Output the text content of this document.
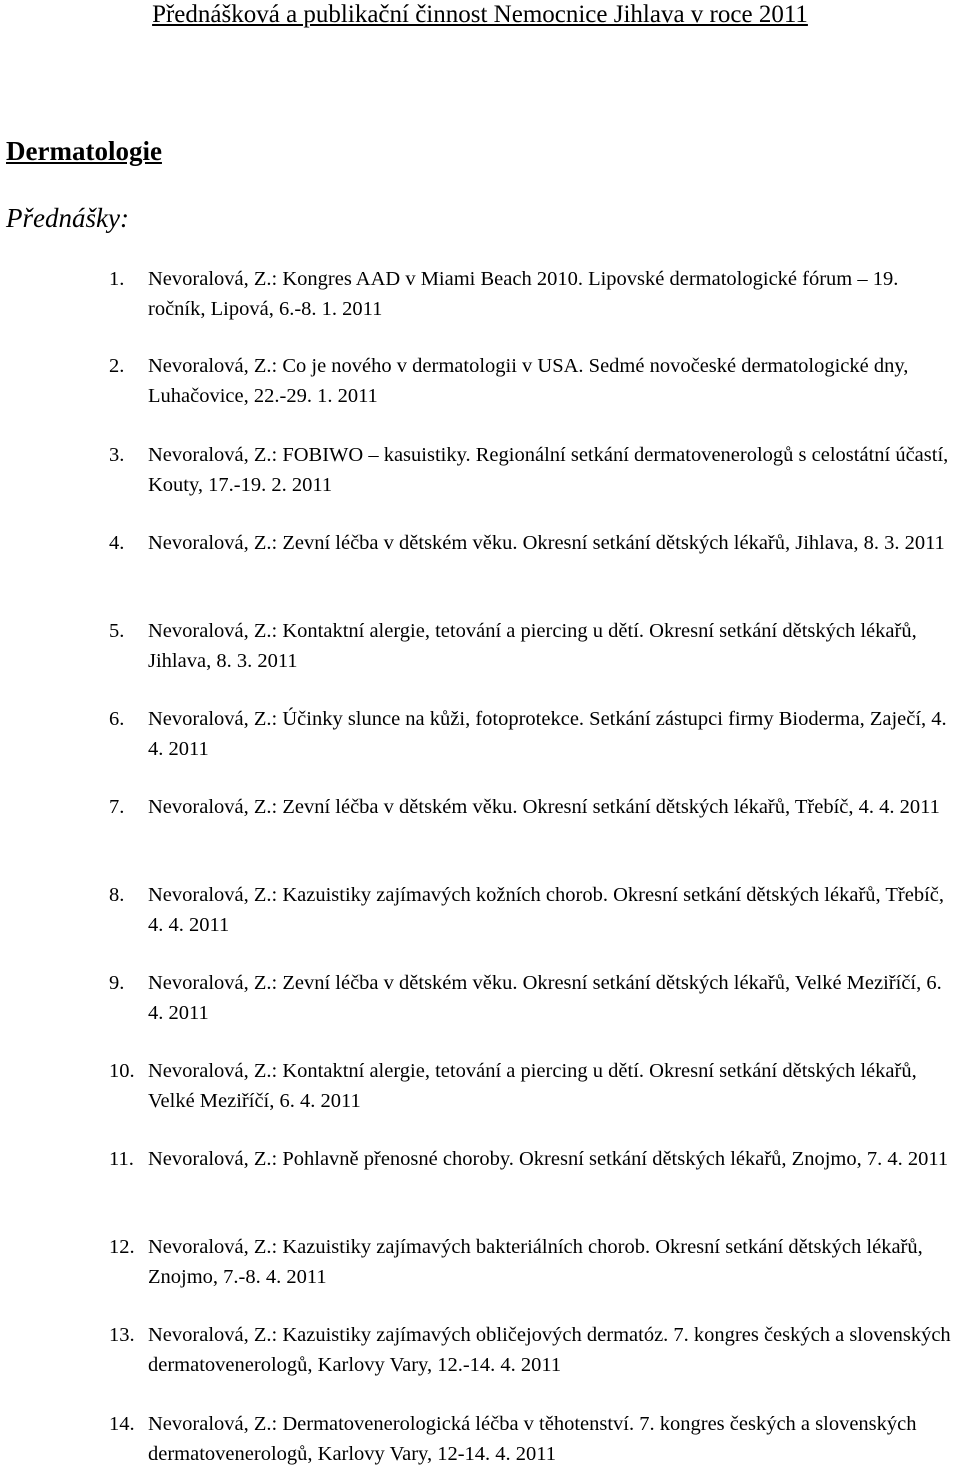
Přednášková a publikační činnost Nemocnice Jihlava v roce 2011
Dermatologie
Přednášky:
1. Nevoralová, Z.: Kongres AAD v Miami Beach 2010. Lipovské dermatologické fórum – 19. ročník, Lipová, 6.-8. 1. 2011
2. Nevoralová, Z.: Co je nového v dermatologii v USA. Sedmé novočeské dermatologické dny, Luhačovice, 22.-29. 1. 2011
3. Nevoralová, Z.: FOBIWO – kasuistiky. Regionální setkání dermatovenerologů s celostátní účastí, Kouty, 17.-19. 2. 2011
4. Nevoralová, Z.: Zevní léčba v dětském věku. Okresní setkání dětských lékařů, Jihlava, 8. 3. 2011
5. Nevoralová, Z.: Kontaktní alergie, tetování a piercing u dětí. Okresní setkání dětských lékařů, Jihlava, 8. 3. 2011
6. Nevoralová, Z.: Účinky slunce na kůži, fotoprotekce. Setkání zástupci firmy Bioderma, Zaječí, 4. 4. 2011
7. Nevoralová, Z.: Zevní léčba v dětském věku. Okresní setkání dětských lékařů, Třebíč, 4. 4. 2011
8. Nevoralová, Z.: Kazuistiky zajímavých kožních chorob. Okresní setkání dětských lékařů, Třebíč, 4. 4. 2011
9. Nevoralová, Z.: Zevní léčba v dětském věku. Okresní setkání dětských lékařů, Velké Meziříčí, 6. 4. 2011
10. Nevoralová, Z.: Kontaktní alergie, tetování a piercing u dětí. Okresní setkání dětských lékařů, Velké Meziříčí, 6. 4. 2011
11. Nevoralová, Z.: Pohlavně přenosné choroby. Okresní setkání dětských lékařů, Znojmo, 7. 4. 2011
12. Nevoralová, Z.: Kazuistiky zajímavých bakteriálních chorob. Okresní setkání dětských lékařů, Znojmo, 7.-8. 4. 2011
13. Nevoralová, Z.: Kazuistiky zajímavých obličejových dermatóz. 7. kongres českých a slovenských dermatovenerologů, Karlovy Vary, 12.-14. 4. 2011
14. Nevoralová, Z.: Dermatovenerologická léčba v těhotenství. 7. kongres českých a slovenských dermatovenerologů, Karlovy Vary, 12-14. 4. 2011
